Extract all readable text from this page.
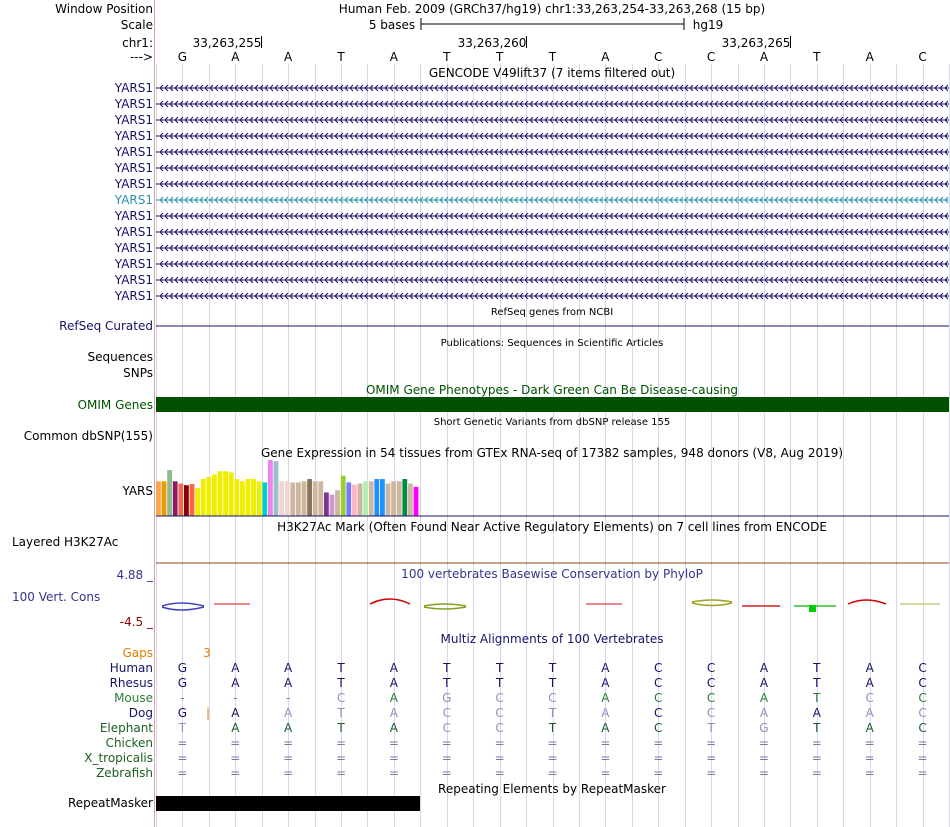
Window Position	Human Feb. 2009 (GRCh37/hg19) chr1:33,263,254-33,263,268 (15 bp)
Scale	5 bases	hg19
chr1:	33,263,255	33,263,260	33,263,265
---> G	A	A	T	A	T	T	T	A	C	C	A	T	A	C
GENCODE V49lift37 (7 items filtered out)
YARS1
YARS1
YARS1
YARS1
YARS1
YARS1
YARS1
YARS1
YARS1
YARS1
YARS1
YARS1
YARS1
YARS1
RefSeq genes from NCBI
RefSeq Curated
Publications: Sequences in Scientific Articles
Sequences
SNPs
OMIM Gene Phenotypes - Dark Green Can Be Disease-causing
OMIM Genes
Short Genetic Variants from dbSNP release 155
Common dbSNP(155)
Gene Expression in 54 tissues from GTEx RNA-seq of 17382 samples, 948 donors (V8, Aug 2019)
YARS
H3K27Ac Mark (Often Found Near Active Regulatory Elements) on 7 cell lines from ENCODE
Layered H3K27Ac
100 vertebrates Basewise Conservation by PhyloP
4.88 _
100 Vert. Cons
-4.5 _
Multiz Alignments of 100 Vertebrates
Gaps	3
Human G	A	A	T	A	T	T	T	A	C	C	A	T	A	C
Rhesus G	A	A	T	A	T	T	T	A	C	C	A	T	A	C
Mouse -	-	-	C	A	G	C	C	A	C	C	A	T	C	C
Dog G | A	A	T	A	C	C	T	A	C	C	A	A	A	C
Elephant T	A	A	T	A	C	C	T	A	C	T	G	T	A	C
Chicken =	=	=	=	=	=	=	=	=	=	=	=	=	=	=
X_tropicalis =	=	=	=	=	=	=	=	=	=	=	=	=	=	=
Zebrafish =	=	=	=	=	=	=	=	=	=	=	=	=	=	=
Repeating Elements by RepeatMasker
RepeatMasker
